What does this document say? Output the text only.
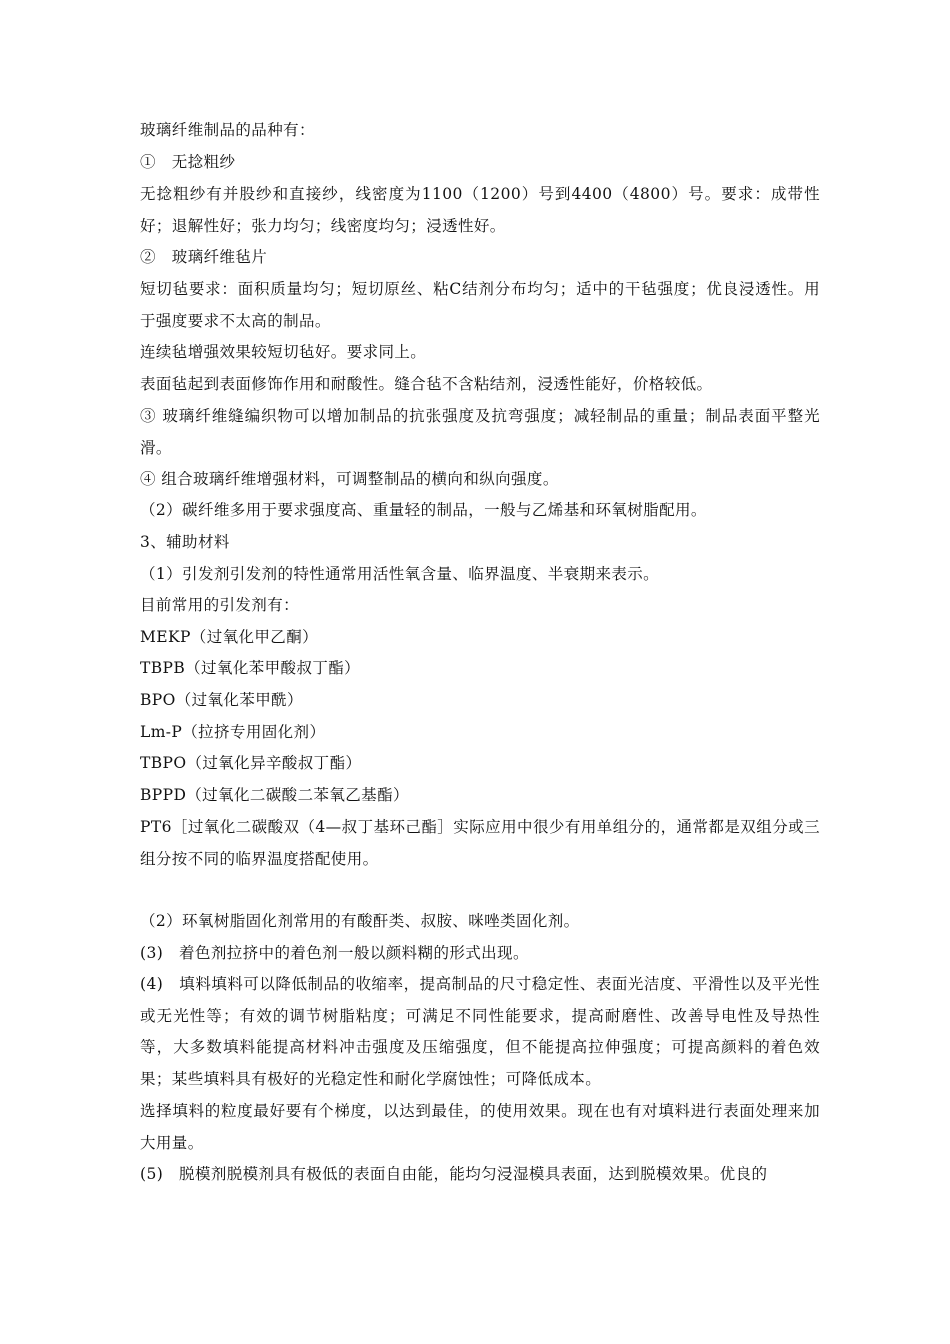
玻璃纤维制品的品种有：

①　无捻粗纱

无捻粗纱有并股纱和直接纱，线密度为1100（1200）号到4400（4800）号。要求：成带性好；退解性好；张力均匀；线密度均匀；浸透性好。

②　玻璃纤维毡片

短切毡要求：面积质量均匀；短切原丝、粘C结剂分布均匀；适中的干毡强度；优良浸透性。用于强度要求不太高的制品。

连续毡增强效果较短切毡好。要求同上。

表面毡起到表面修饰作用和耐酸性。缝合毡不含粘结剂，浸透性能好，价格较低。

③ 玻璃纤维缝编织物可以增加制品的抗张强度及抗弯强度；减轻制品的重量；制品表面平整光滑。

④ 组合玻璃纤维增强材料，可调整制品的横向和纵向强度。

（2）碳纤维多用于要求强度高、重量轻的制品，一般与乙烯基和环氧树脂配用。

3、辅助材料

（1）引发剂引发剂的特性通常用活性氧含量、临界温度、半衰期来表示。

目前常用的引发剂有：

MEKP（过氧化甲乙酮）

TBPB（过氧化苯甲酸叔丁酯）

BPO（过氧化苯甲酰）

Lm-P（拉挤专用固化剂）

TBPO（过氧化异辛酸叔丁酯）

BPPD（过氧化二碳酸二苯氧乙基酯）

PT6［过氧化二碳酸双（4—叔丁基环己酯］实际应用中很少有用单组分的，通常都是双组分或三组分按不同的临界温度搭配使用。

（2）环氧树脂固化剂常用的有酸酐类、叔胺、咪唑类固化剂。

(3)　着色剂拉挤中的着色剂一般以颜料糊的形式出现。

(4)　填料填料可以降低制品的收缩率，提高制品的尺寸稳定性、表面光洁度、平滑性以及平光性或无光性等；有效的调节树脂粘度；可满足不同性能要求，提高耐磨性、改善导电性及导热性等，大多数填料能提高材料冲击强度及压缩强度，但不能提高拉伸强度；可提高颜料的着色效果；某些填料具有极好的光稳定性和耐化学腐蚀性；可降低成本。

选择填料的粒度最好要有个梯度，以达到最佳，的使用效果。现在也有对填料进行表面处理来加大用量。

(5)　脱模剂脱模剂具有极低的表面自由能，能均匀浸湿模具表面，达到脱模效果。优良的
